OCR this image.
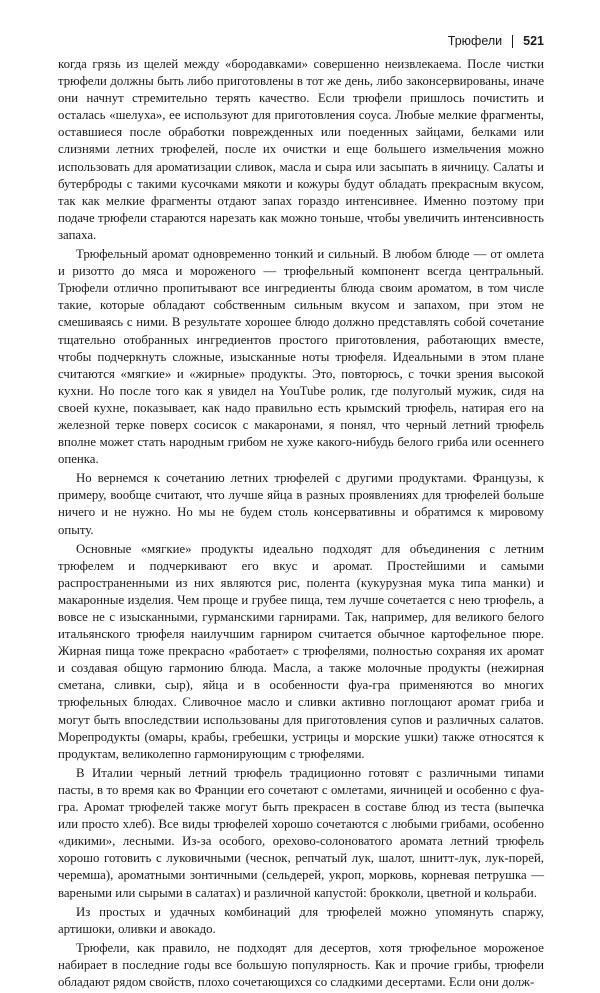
Трюфели 521

когда грязь из щелей между «бородавками» совершенно неизвлекаема. После чистки трюфели должны быть либо приготовлены в тот же день, либо законсервированы, иначе они начнут стремительно терять качество. Если трюфели пришлось почистить и осталась «шелуха», ее используют для приготовления соуса. Любые мелкие фрагменты, оставшиеся после обработки поврежденных или поеденных зайцами, белками или слизнями летних трюфелей, после их очистки и еще большего измельчения можно использовать для ароматизации сливок, масла и сыра или засыпать в яичницу. Салаты и бутерброды с такими кусочками мякоти и кожуры будут обладать прекрасным вкусом, так как мелкие фрагменты отдают запах гораздо интенсивнее. Именно поэтому при подаче трюфели стараются нарезать как можно тоньше, чтобы увеличить интенсивность запаха.

Трюфельный аромат одновременно тонкий и сильный. В любом блюде — от омлета и ризотто до мяса и мороженого — трюфельный компонент всегда центральный. Трюфели отлично пропитывают все ингредиенты блюда своим ароматом, в том числе такие, которые обладают собственным сильным вкусом и запахом, при этом не смешиваясь с ними. В результате хорошее блюдо должно представлять собой сочетание тщательно отобранных ингредиентов простого приготовления, работающих вместе, чтобы подчеркнуть сложные, изысканные ноты трюфеля. Идеальными в этом плане считаются «мягкие» и «жирные» продукты. Это, повторюсь, с точки зрения высокой кухни. Но после того как я увидел на YouTube ролик, где полуголый мужик, сидя на своей кухне, показывает, как надо правильно есть крымский трюфель, натирая его на железной терке поверх сосисок с макаронами, я понял, что черный летний трюфель вполне может стать народным грибом не хуже какого-нибудь белого гриба или осеннего опенка.

Но вернемся к сочетанию летних трюфелей с другими продуктами. Французы, к примеру, вообще считают, что лучше яйца в разных проявлениях для трюфелей больше ничего и не нужно. Но мы не будем столь консервативны и обратимся к мировому опыту.

Основные «мягкие» продукты идеально подходят для объединения с летним трюфелем и подчеркивают его вкус и аромат. Простейшими и самыми распространенными из них являются рис, полента (кукурузная мука типа манки) и макаронные изделия. Чем проще и грубее пища, тем лучше сочетается с нею трюфель, а вовсе не с изысканными, гурманскими гарнирами. Так, например, для великого белого итальянского трюфеля наилучшим гарниром считается обычное картофельное пюре. Жирная пища тоже прекрасно «работает» с трюфелями, полностью сохраняя их аромат и создавая общую гармонию блюда. Масла, а также молочные продукты (нежирная сметана, сливки, сыр), яйца и в особенности фуа-гра применяются во многих трюфельных блюдах. Сливочное масло и сливки активно поглощают аромат гриба и могут быть впоследствии использованы для приготовления супов и различных салатов. Морепродукты (омары, крабы, гребешки, устрицы и морские ушки) также относятся к продуктам, великолепно гармонирующим с трюфелями.

В Италии черный летний трюфель традиционно готовят с различными типами пасты, в то время как во Франции его сочетают с омлетами, яичницей и особенно с фуа-гра. Аромат трюфелей также могут быть прекрасен в составе блюд из теста (выпечка или просто хлеб). Все виды трюфелей хорошо сочетаются с любыми грибами, особенно «дикими», лесными. Из-за особого, орехово-солоноватого аромата летний трюфель хорошо готовить с луковичными (чеснок, репчатый лук, шалот, шнитт-лук, лук-порей, черемша), ароматными зонтичными (сельдерей, укроп, морковь, корневая петрушка — вареными или сырыми в салатах) и различной капустой: брокколи, цветной и кольраби.

Из простых и удачных комбинаций для трюфелей можно упомянуть спаржу, артишоки, оливки и авокадо.

Трюфели, как правило, не подходят для десертов, хотя трюфельное мороженое набирает в последние годы все большую популярность. Как и прочие грибы, трюфели обладают рядом свойств, плохо сочетающихся со сладкими десертами. Если они долж-
